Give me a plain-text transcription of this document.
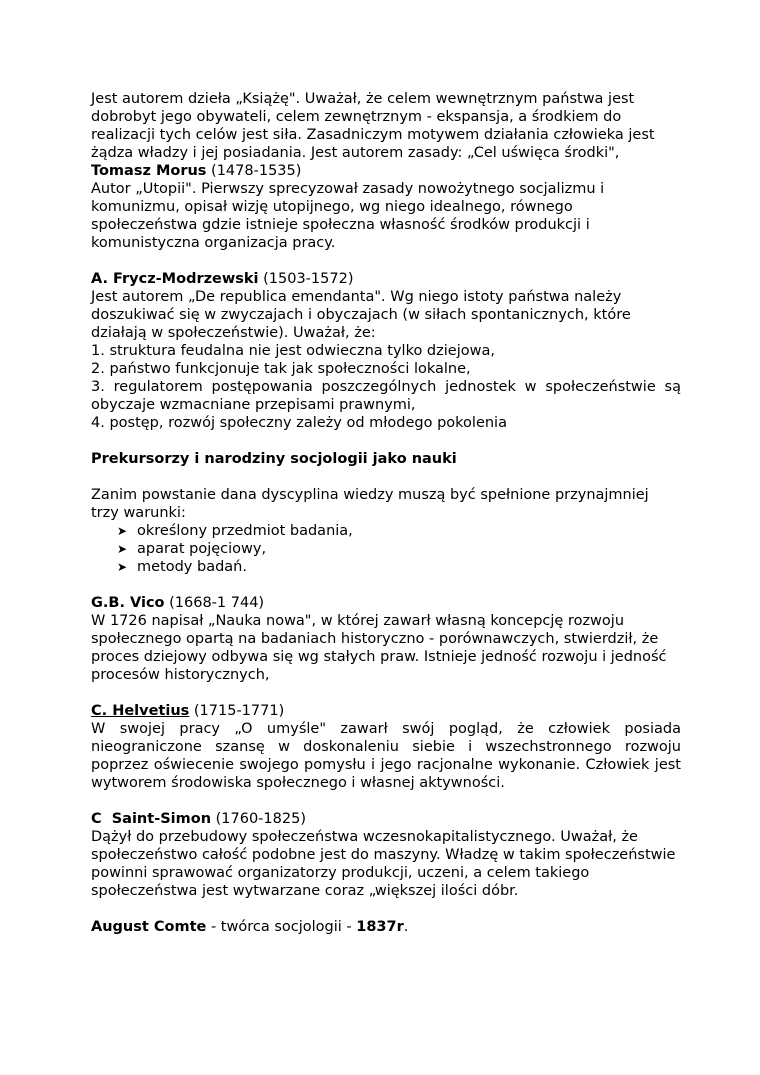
Jest autorem dzieła „Książę". Uważał, że celem wewnętrznym państwa jest dobrobyt jego obywateli, celem zewnętrznym - ekspansja, a środkiem do realizacji tych celów jest siła. Zasadniczym motywem działania człowieka jest żądza władzy i jej posiadania. Jest autorem zasady: „Cel uświęca środki",

Tomasz Morus (1478-1535)

Autor „Utopii". Pierwszy sprecyzował zasady nowożytnego socjalizmu i komunizmu, opisał wizję utopijnego, wg niego idealnego, równego społeczeństwa gdzie istnieje społeczna własność środków produkcji i komunistyczna organizacja pracy.

A. Frycz-Modrzewski (1503-1572)

Jest autorem „De republica emendanta". Wg niego istoty państwa należy doszukiwać się w zwyczajach i obyczajach (w siłach spontanicznych, które działają w społeczeństwie). Uważał, że:

1. struktura feudalna nie jest odwieczna tylko dziejowa,

2. państwo funkcjonuje tak jak społeczności lokalne,

3. regulatorem postępowania poszczególnych jednostek w społeczeństwie są obyczaje wzmacniane przepisami prawnymi,

4. postęp, rozwój społeczny zależy od młodego pokolenia

Prekursorzy i narodziny socjologii jako nauki

Zanim powstanie dana dyscyplina wiedzy muszą być spełnione przynajmniej trzy warunki:

➤ określony przedmiot badania,
➤ aparat pojęciowy,
➤ metody badań.

G.B. Vico (1668-1 744)

W 1726 napisał „Nauka nowa", w której zawarł własną koncepcję rozwoju społecznego opartą na badaniach historyczno - porównawczych, stwierdził, że proces dziejowy odbywa się wg stałych praw. Istnieje jedność rozwoju i jedność procesów historycznych,

C. Helvetius (1715-1771)

W swojej pracy „O umyśle" zawarł swój pogląd, że człowiek posiada nieograniczone szansę w doskonaleniu siebie i wszechstronnego rozwoju poprzez oświecenie swojego pomysłu i jego racjonalne wykonanie. Człowiek jest wytworem środowiska społecznego i własnej aktywności.

C  Saint-Simon (1760-1825)

Dążył do przebudowy społeczeństwa wczesnokapitalistycznego. Uważał, że społeczeństwo całość podobne jest do maszyny. Władzę w takim społeczeństwie powinni sprawować organizatorzy produkcji, uczeni, a celem takiego społeczeństwa jest wytwarzane coraz „większej ilości dóbr.

August Comte - twórca socjologii - 1837r.
